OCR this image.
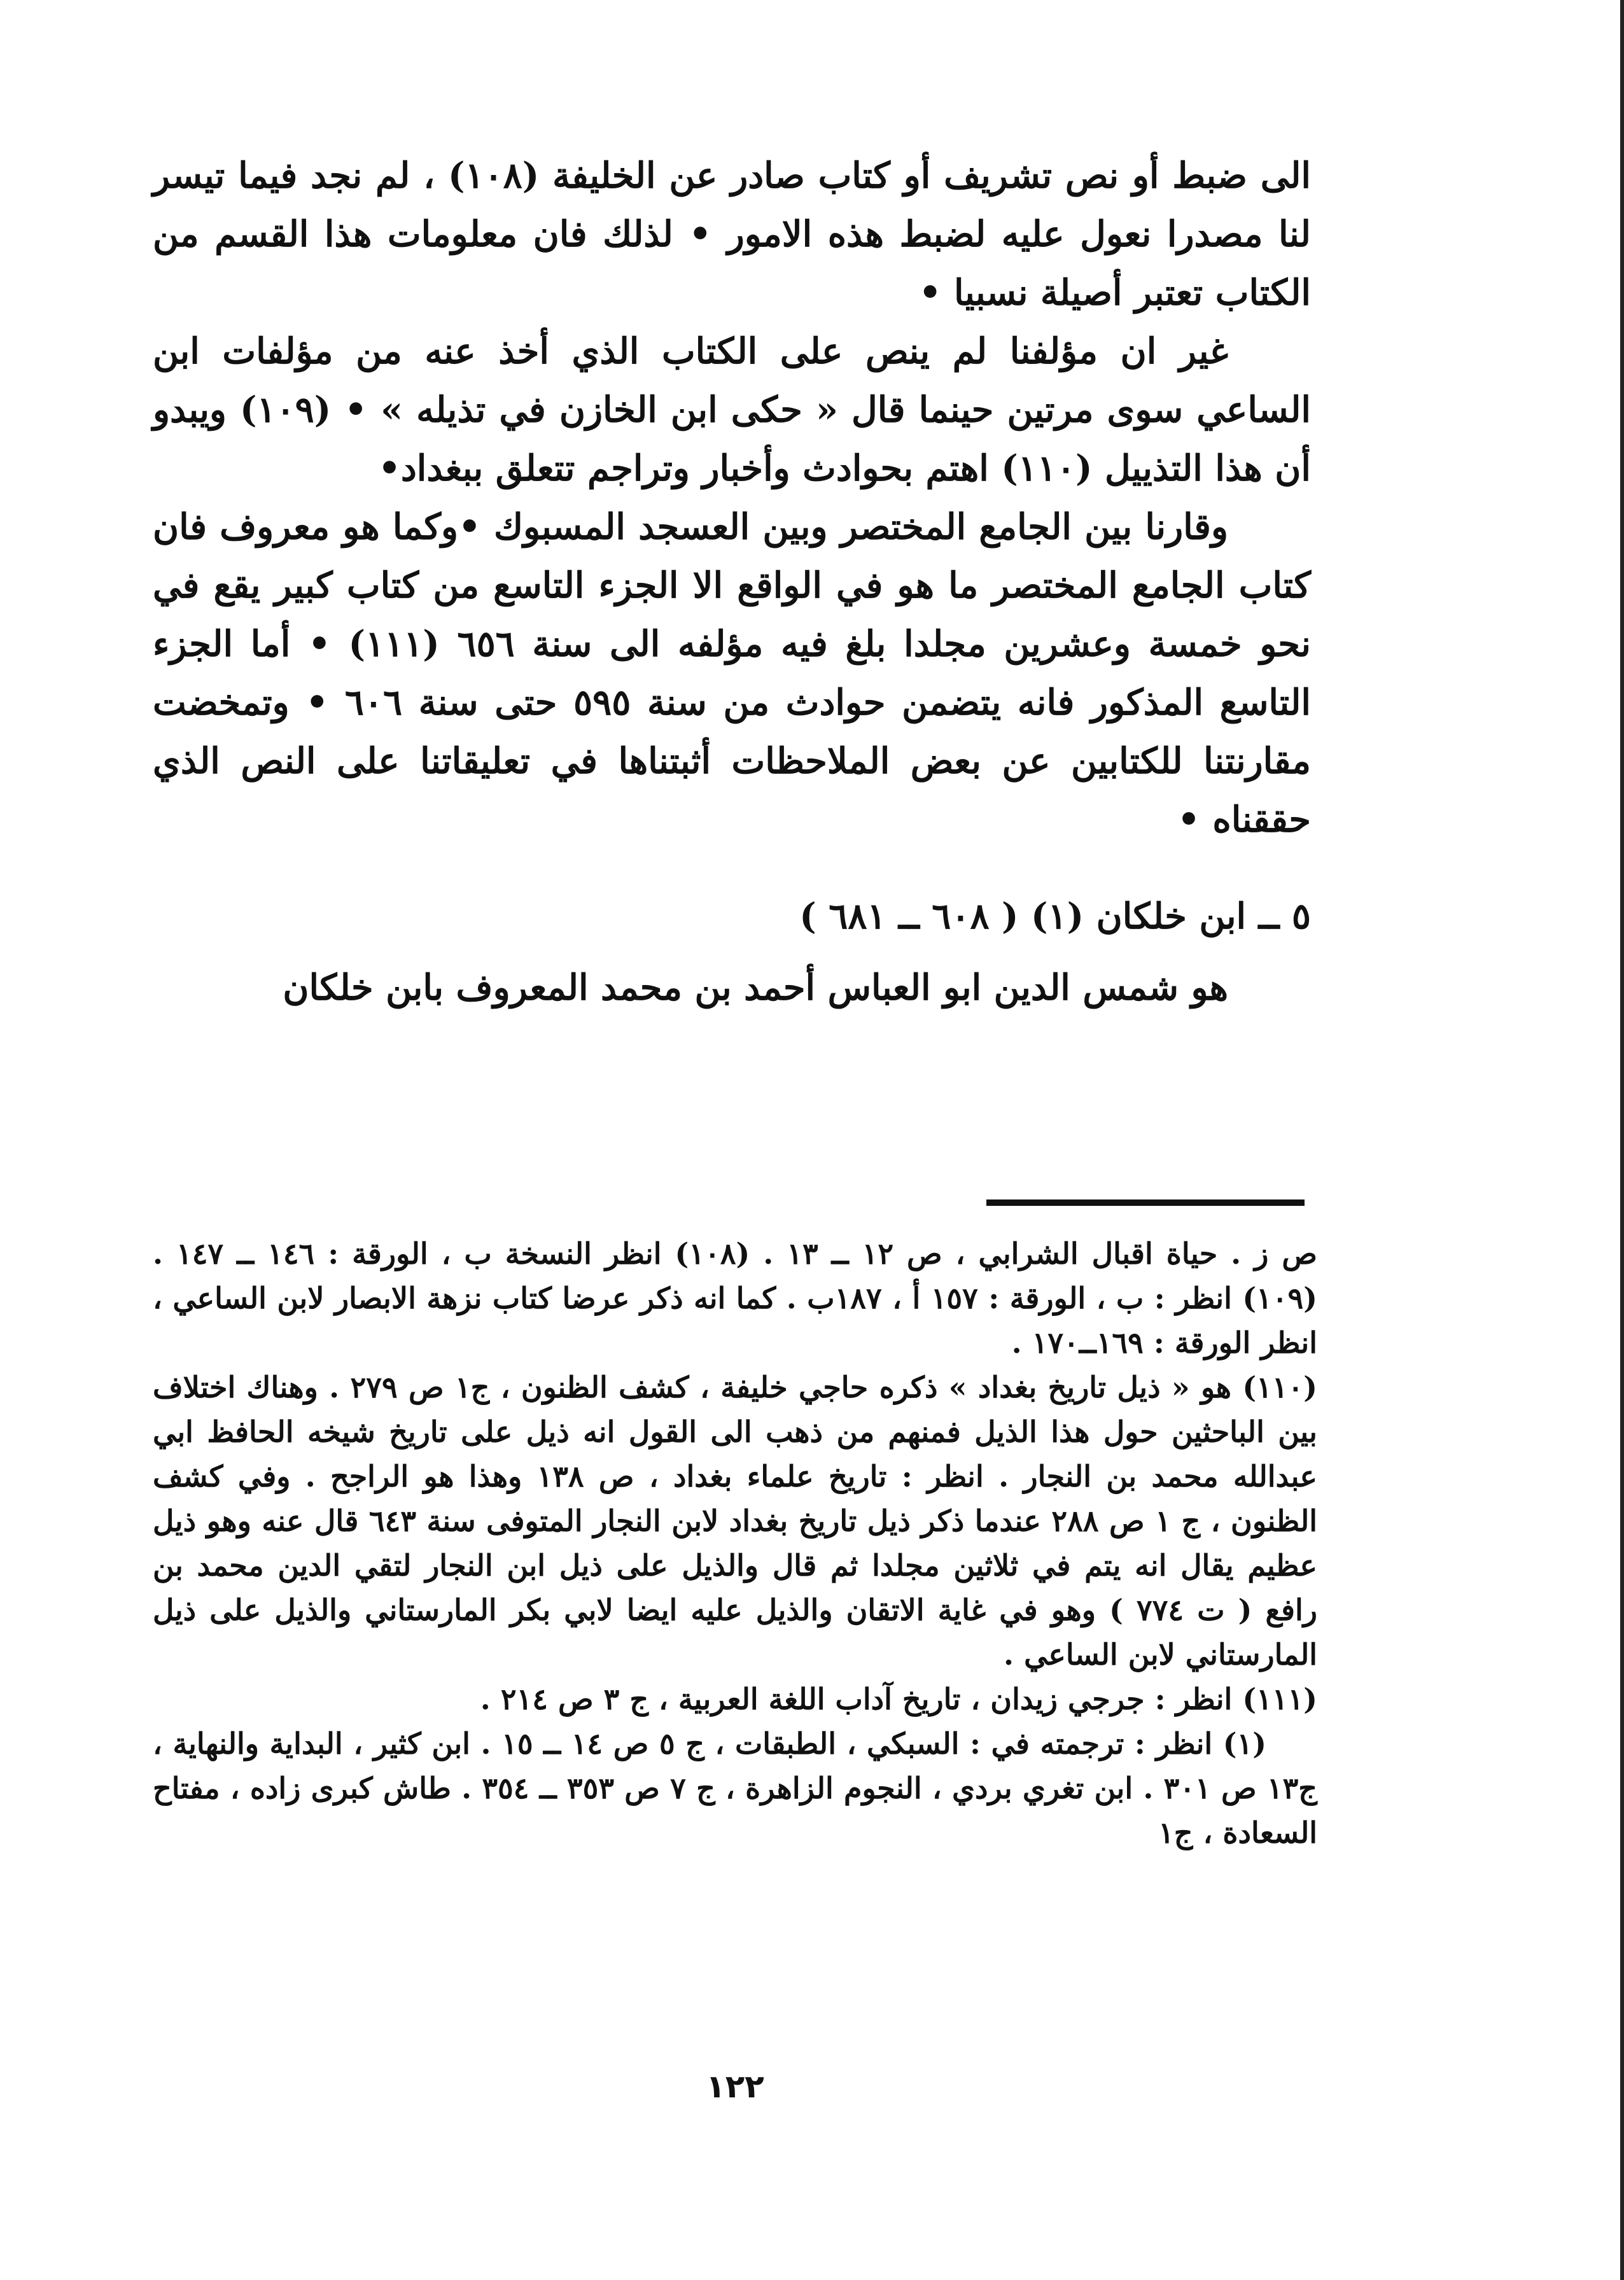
الى ضبط أو نص تشريف أو كتاب صادر عن الخليفة (١٠٨) ، لم نجد فيما تيسر لنا مصدرا نعول عليه لضبط هذه الامور • لذلك فان معلومات هذا القسم من الكتاب تعتبر أصيلة نسبيا •

غير ان مؤلفنا لم ينص على الكتاب الذي أخذ عنه من مؤلفات ابن الساعي سوى مرتين حينما قال « حكى ابن الخازن في تذيله » • (١٠٩) ويبدو أن هذا التذييل (١١٠) اهتم بحوادث وأخبار وتراجم تتعلق ببغداد•

وقارنا بين الجامع المختصر وبين العسجد المسبوك •وكما هو معروف فان كتاب الجامع المختصر ما هو في الواقع الا الجزء التاسع من كتاب كبير يقع في نحو خمسة وعشرين مجلدا بلغ فيه مؤلفه الى سنة ٦٥٦ (١١١) • أما الجزء التاسع المذكور فانه يتضمن حوادث من سنة ٥٩٥ حتى سنة ٦٠٦ • وتمخضت مقارنتنا للكتابين عن بعض الملاحظات أثبتناها في تعليقاتنا على النص الذي حققناه •

٥ ــ ابن خلكان (١) ( ٦٠٨ ــ ٦٨١ )
هو شمس الدين ابو العباس أحمد بن محمد المعروف بابن خلكان

ص ز . حياة اقبال الشرابي ، ص ١٢ ــ ١٣ . (١٠٨) انظر النسخة ب ، الورقة : ١٤٦ ــ ١٤٧ . (١٠٩) انظر : ب ، الورقة : ١٥٧ أ ، ١٨٧ب . كما انه ذكر عرضا كتاب نزهة الابصار لابن الساعي ، انظر الورقة : ١٦٩ــ١٧٠ .

(١١٠) هو « ذيل تاريخ بغداد » ذكره حاجي خليفة ، كشف الظنون ، ج١ ص ٢٧٩ . وهناك اختلاف بين الباحثين حول هذا الذيل فمنهم من ذهب الى القول انه ذيل على تاريخ شيخه الحافظ ابي عبدالله محمد بن النجار . انظر : تاريخ علماء بغداد ، ص ١٣٨ وهذا هو الراجح . وفي كشف الظنون ، ج ١ ص ٢٨٨ عندما ذكر ذيل تاريخ بغداد لابن النجار المتوفى سنة ٦٤٣ قال عنه وهو ذيل عظيم يقال انه يتم في ثلاثين مجلدا ثم قال والذيل على ذيل ابن النجار لتقي الدين محمد بن رافع ( ت ٧٧٤ ) وهو في غاية الاتقان والذيل عليه ايضا لابي بكر المارستاني والذيل على ذيل المارستاني لابن الساعي .

(١١١) انظر : جرجي زيدان ، تاريخ آداب اللغة العربية ، ج ٣ ص ٢١٤ .

(١) انظر : ترجمته في : السبكي ، الطبقات ، ج ٥ ص ١٤ ــ ١٥ . ابن كثير ، البداية والنهاية ، ج١٣ ص ٣٠١ . ابن تغري بردي ، النجوم الزاهرة ، ج ٧ ص ٣٥٣ ــ ٣٥٤ . طاش كبرى زاده ، مفتاح السعادة ، ج١

١٢٢
